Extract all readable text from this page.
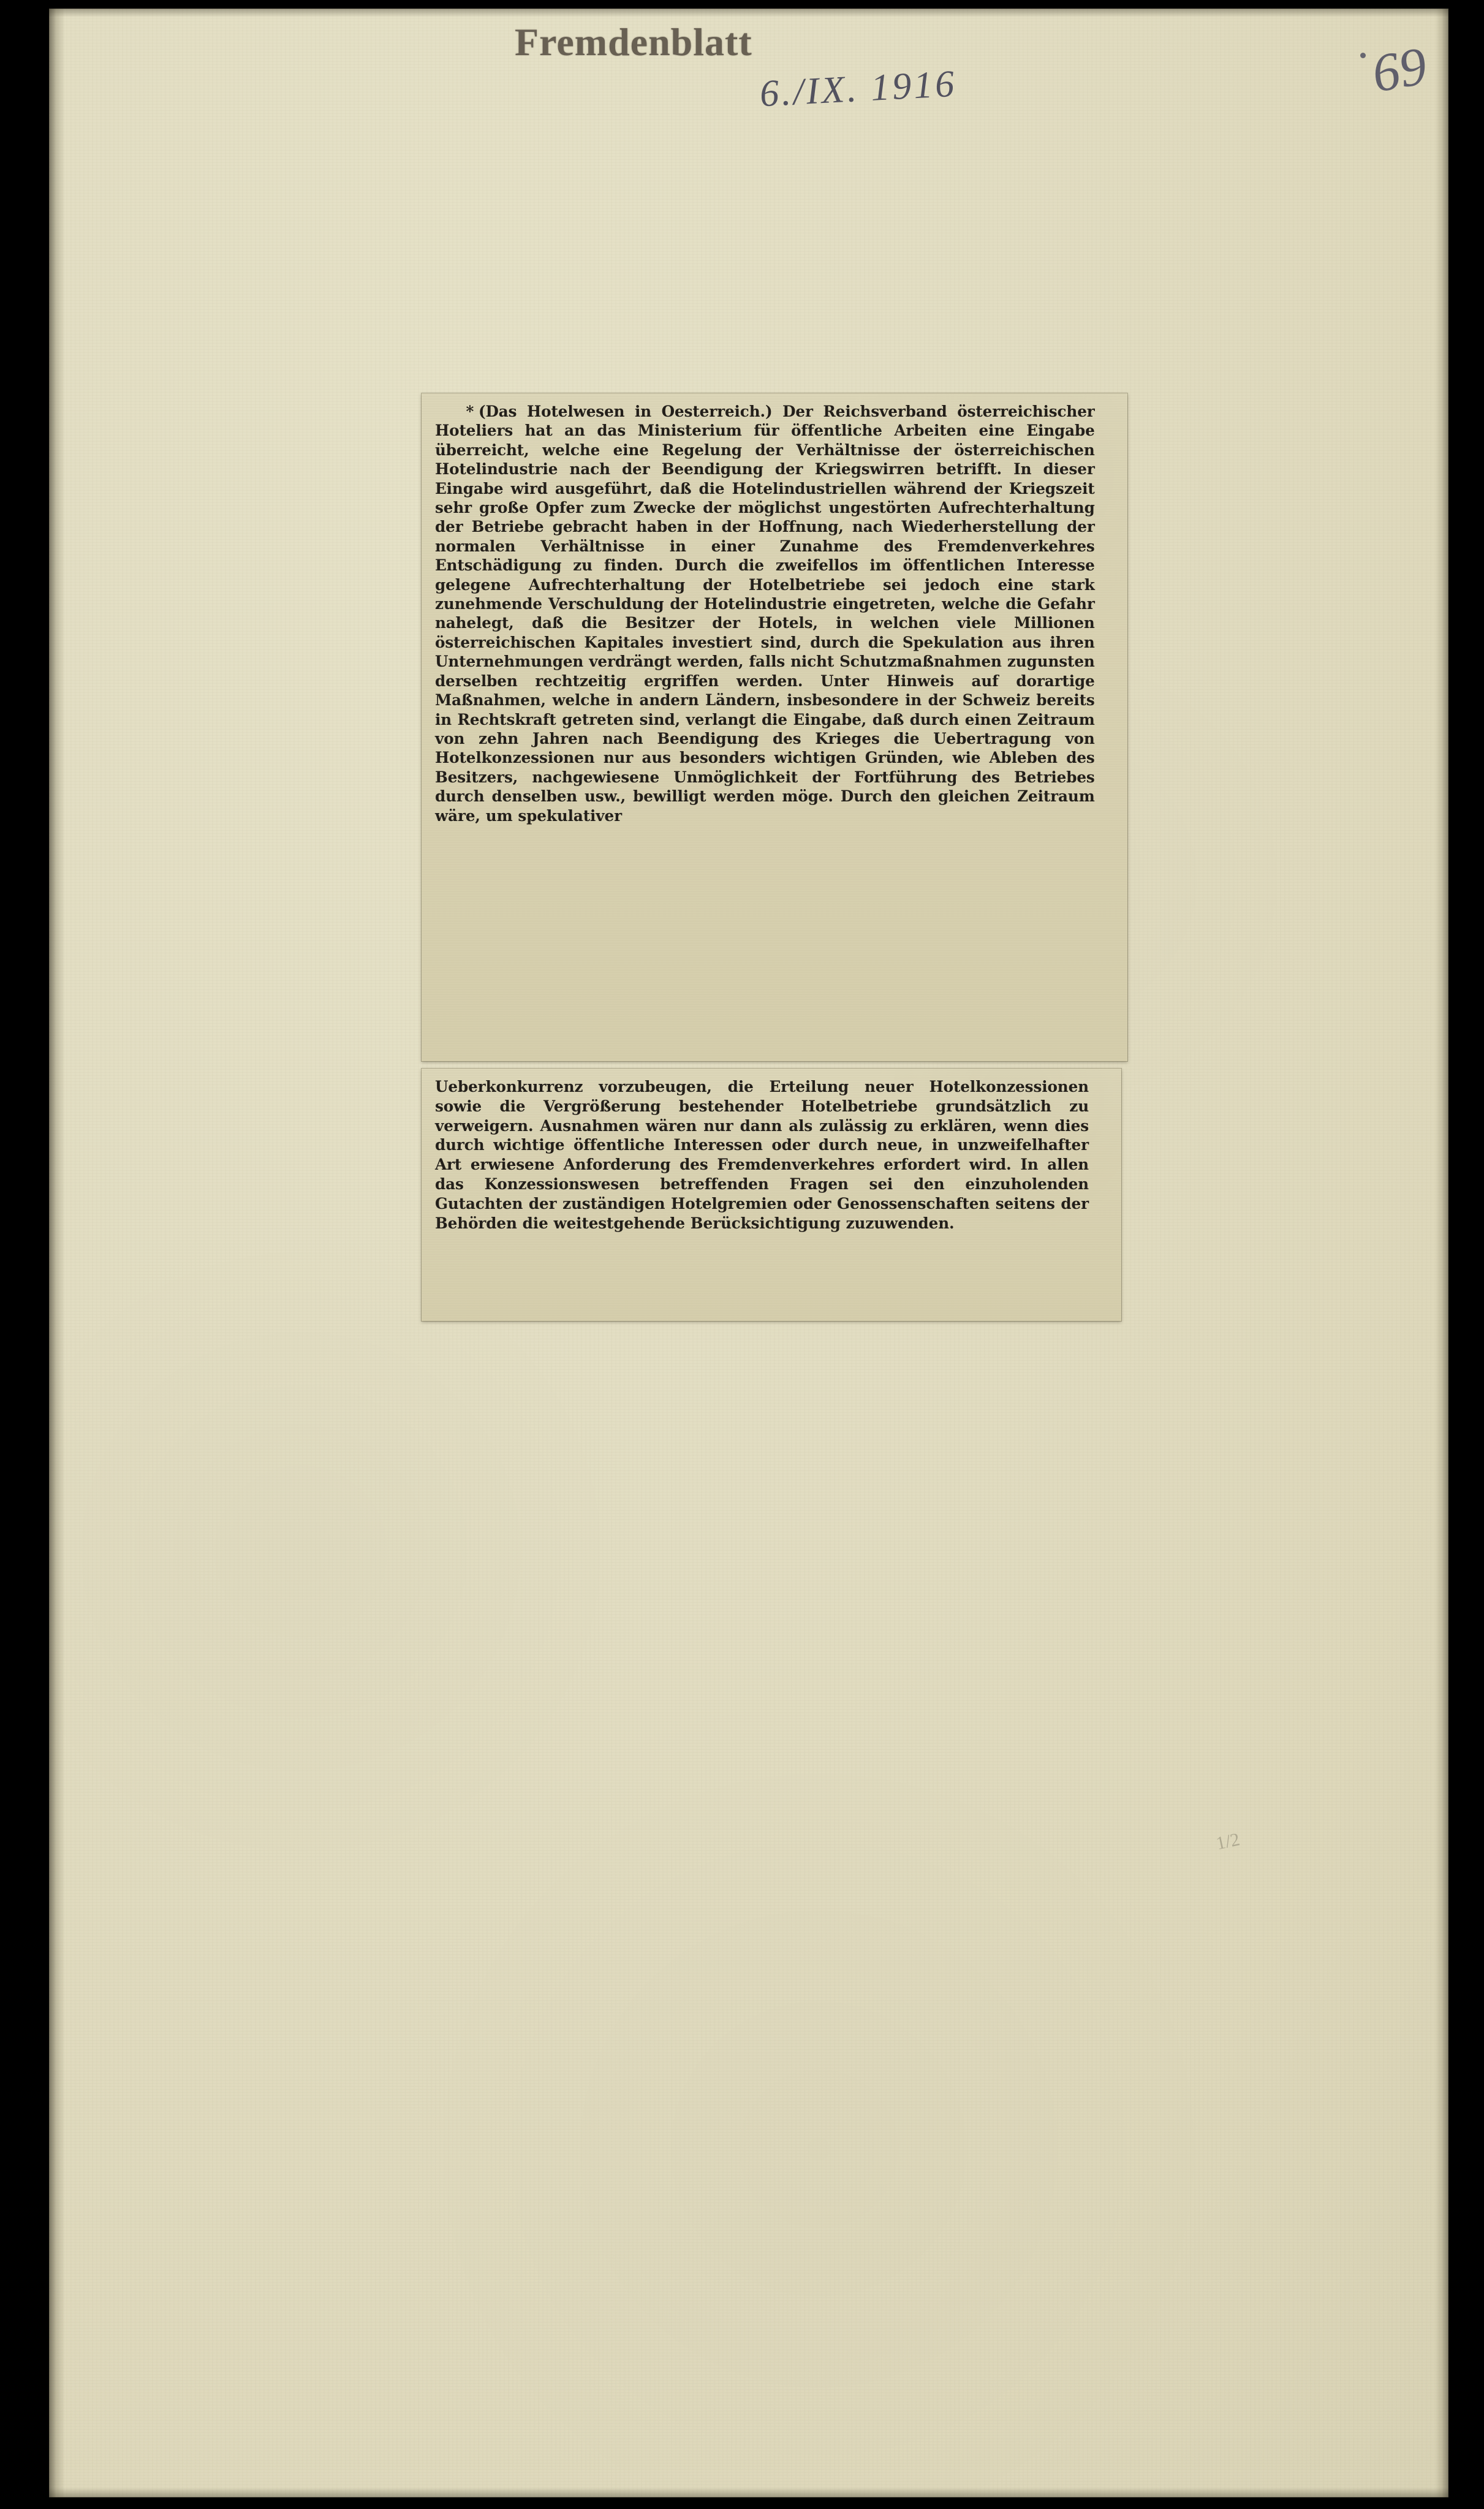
Fremdenblatt
6./IX. 1916	69

* (Das Hotelwesen in Oesterreich.) Der Reichsverband österreichischer Hoteliers hat an das Ministerium für öffentliche Arbeiten eine Eingabe überreicht, welche eine Regelung der Verhältnisse der österreichischen Hotelindustrie nach der Beendigung der Kriegswirren betrifft. In dieser Eingabe wird ausgeführt, daß die Hotelindustriellen während der Kriegszeit sehr große Opfer zum Zwecke der möglichst ungestörten Aufrechterhaltung der Betriebe gebracht haben in der Hoffnung, nach Wiederherstellung der normalen Verhältnisse in einer Zunahme des Fremdenverkehres Entschädigung zu finden. Durch die zweifellos im öffentlichen Interesse gelegene Aufrechterhaltung der Hotelbetriebe sei jedoch eine stark zunehmende Verschuldung der Hotelindustrie eingetreten, welche die Gefahr nahelegt, daß die Besitzer der Hotels, in welchen viele Millionen österreichischen Kapitales investiert sind, durch die Spekulation aus ihren Unternehmungen verdrängt werden, falls nicht Schutzmaßnahmen zugunsten derselben rechtzeitig ergriffen werden. Unter Hinweis auf dorartige Maßnahmen, welche in andern Ländern, insbesondere in der Schweiz bereits in Rechtskraft getreten sind, verlangt die Eingabe, daß durch einen Zeitraum von zehn Jahren nach Beendigung des Krieges die Uebertragung von Hotelkonzessionen nur aus besonders wichtigen Gründen, wie Ableben des Besitzers, nachgewiesene Unmöglichkeit der Fortführung des Betriebes durch denselben usw., bewilligt werden möge. Durch den gleichen Zeitraum wäre, um spekulativer

Ueberkonkurrenz vorzubeugen, die Erteilung neuer Hotelkonzessionen sowie die Vergrößerung bestehender Hotelbetriebe grundsätzlich zu verweigern. Ausnahmen wären nur dann als zulässig zu erklären, wenn dies durch wichtige öffentliche Interessen oder durch neue, in unzweifelhafter Art erwiesene Anforderung des Fremdenverkehres erfordert wird. In allen das Konzessionswesen betreffenden Fragen sei den einzuholenden Gutachten der zuständigen Hotelgremien oder Genossenschaften seitens der Behörden die weitestgehende Berücksichtigung zuzuwenden.

1/2
